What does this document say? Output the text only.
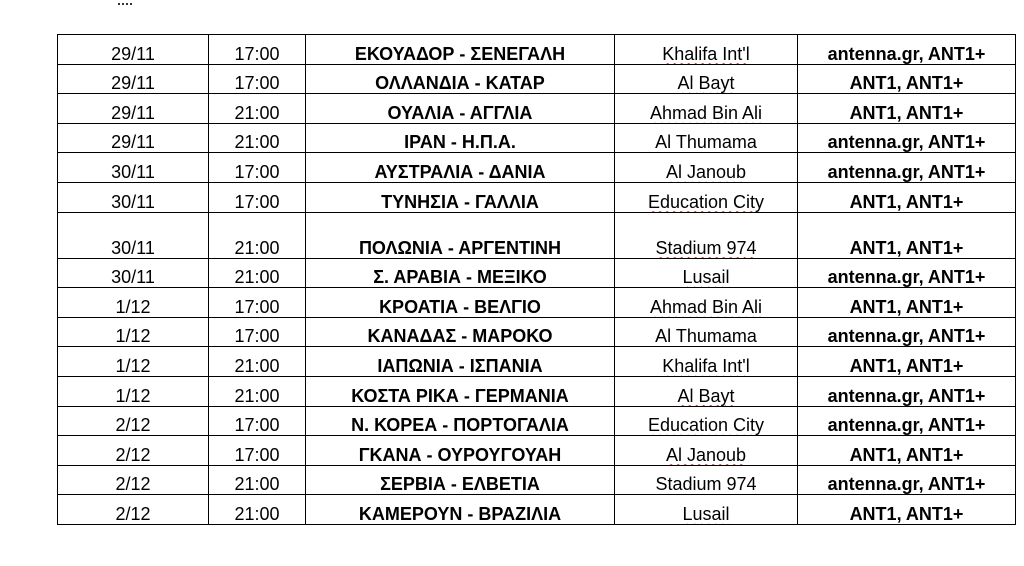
29/11	17:00	ΕΚΟΥΑΔΟΡ - ΣΕΝΕΓΑΛΗ	Khalifa Int'l	antenna.gr, ANT1+
29/11	17:00	ΟΛΛΑΝΔΙΑ - ΚΑΤΑΡ	Al Bayt	ANT1, ANT1+
29/11	21:00	ΟΥΑΛΙΑ - ΑΓΓΛΙΑ	Ahmad Bin Ali	ANT1, ANT1+
29/11	21:00	ΙΡΑΝ - Η.Π.Α.	Al Thumama	antenna.gr, ANT1+
30/11	17:00	ΑΥΣΤΡΑΛΙΑ - ΔΑΝΙΑ	Al Janoub	antenna.gr, ANT1+
30/11	17:00	ΤΥΝΗΣΙΑ - ΓΑΛΛΙΑ	Education City	ANT1, ANT1+
30/11	21:00	ΠΟΛΩΝΙΑ - ΑΡΓΕΝΤΙΝΗ	Stadium 974	ANT1, ANT1+
30/11	21:00	Σ. ΑΡΑΒΙΑ - ΜΕΞΙΚΟ	Lusail	antenna.gr, ANT1+
1/12	17:00	ΚΡΟΑΤΙΑ - ΒΕΛΓΙΟ	Ahmad Bin Ali	ANT1, ANT1+
1/12	17:00	ΚΑΝΑΔΑΣ - ΜΑΡΟΚΟ	Al Thumama	antenna.gr, ANT1+
1/12	21:00	ΙΑΠΩΝΙΑ - ΙΣΠΑΝΙΑ	Khalifa Int'l	ANT1, ANT1+
1/12	21:00	ΚΟΣΤΑ ΡΙΚΑ - ΓΕΡΜΑΝΙΑ	Al Bayt	antenna.gr, ANT1+
2/12	17:00	Ν. ΚΟΡΕΑ - ΠΟΡΤΟΓΑΛΙΑ	Education City	antenna.gr, ANT1+
2/12	17:00	ΓΚΑΝΑ - ΟΥΡΟΥΓΟΥΑΗ	Al Janoub	ANT1, ANT1+
2/12	21:00	ΣΕΡΒΙΑ - ΕΛΒΕΤΙΑ	Stadium 974	antenna.gr, ANT1+
2/12	21:00	ΚΑΜΕΡΟΥΝ - ΒΡΑΖΙΛΙΑ	Lusail	ANT1, ANT1+
